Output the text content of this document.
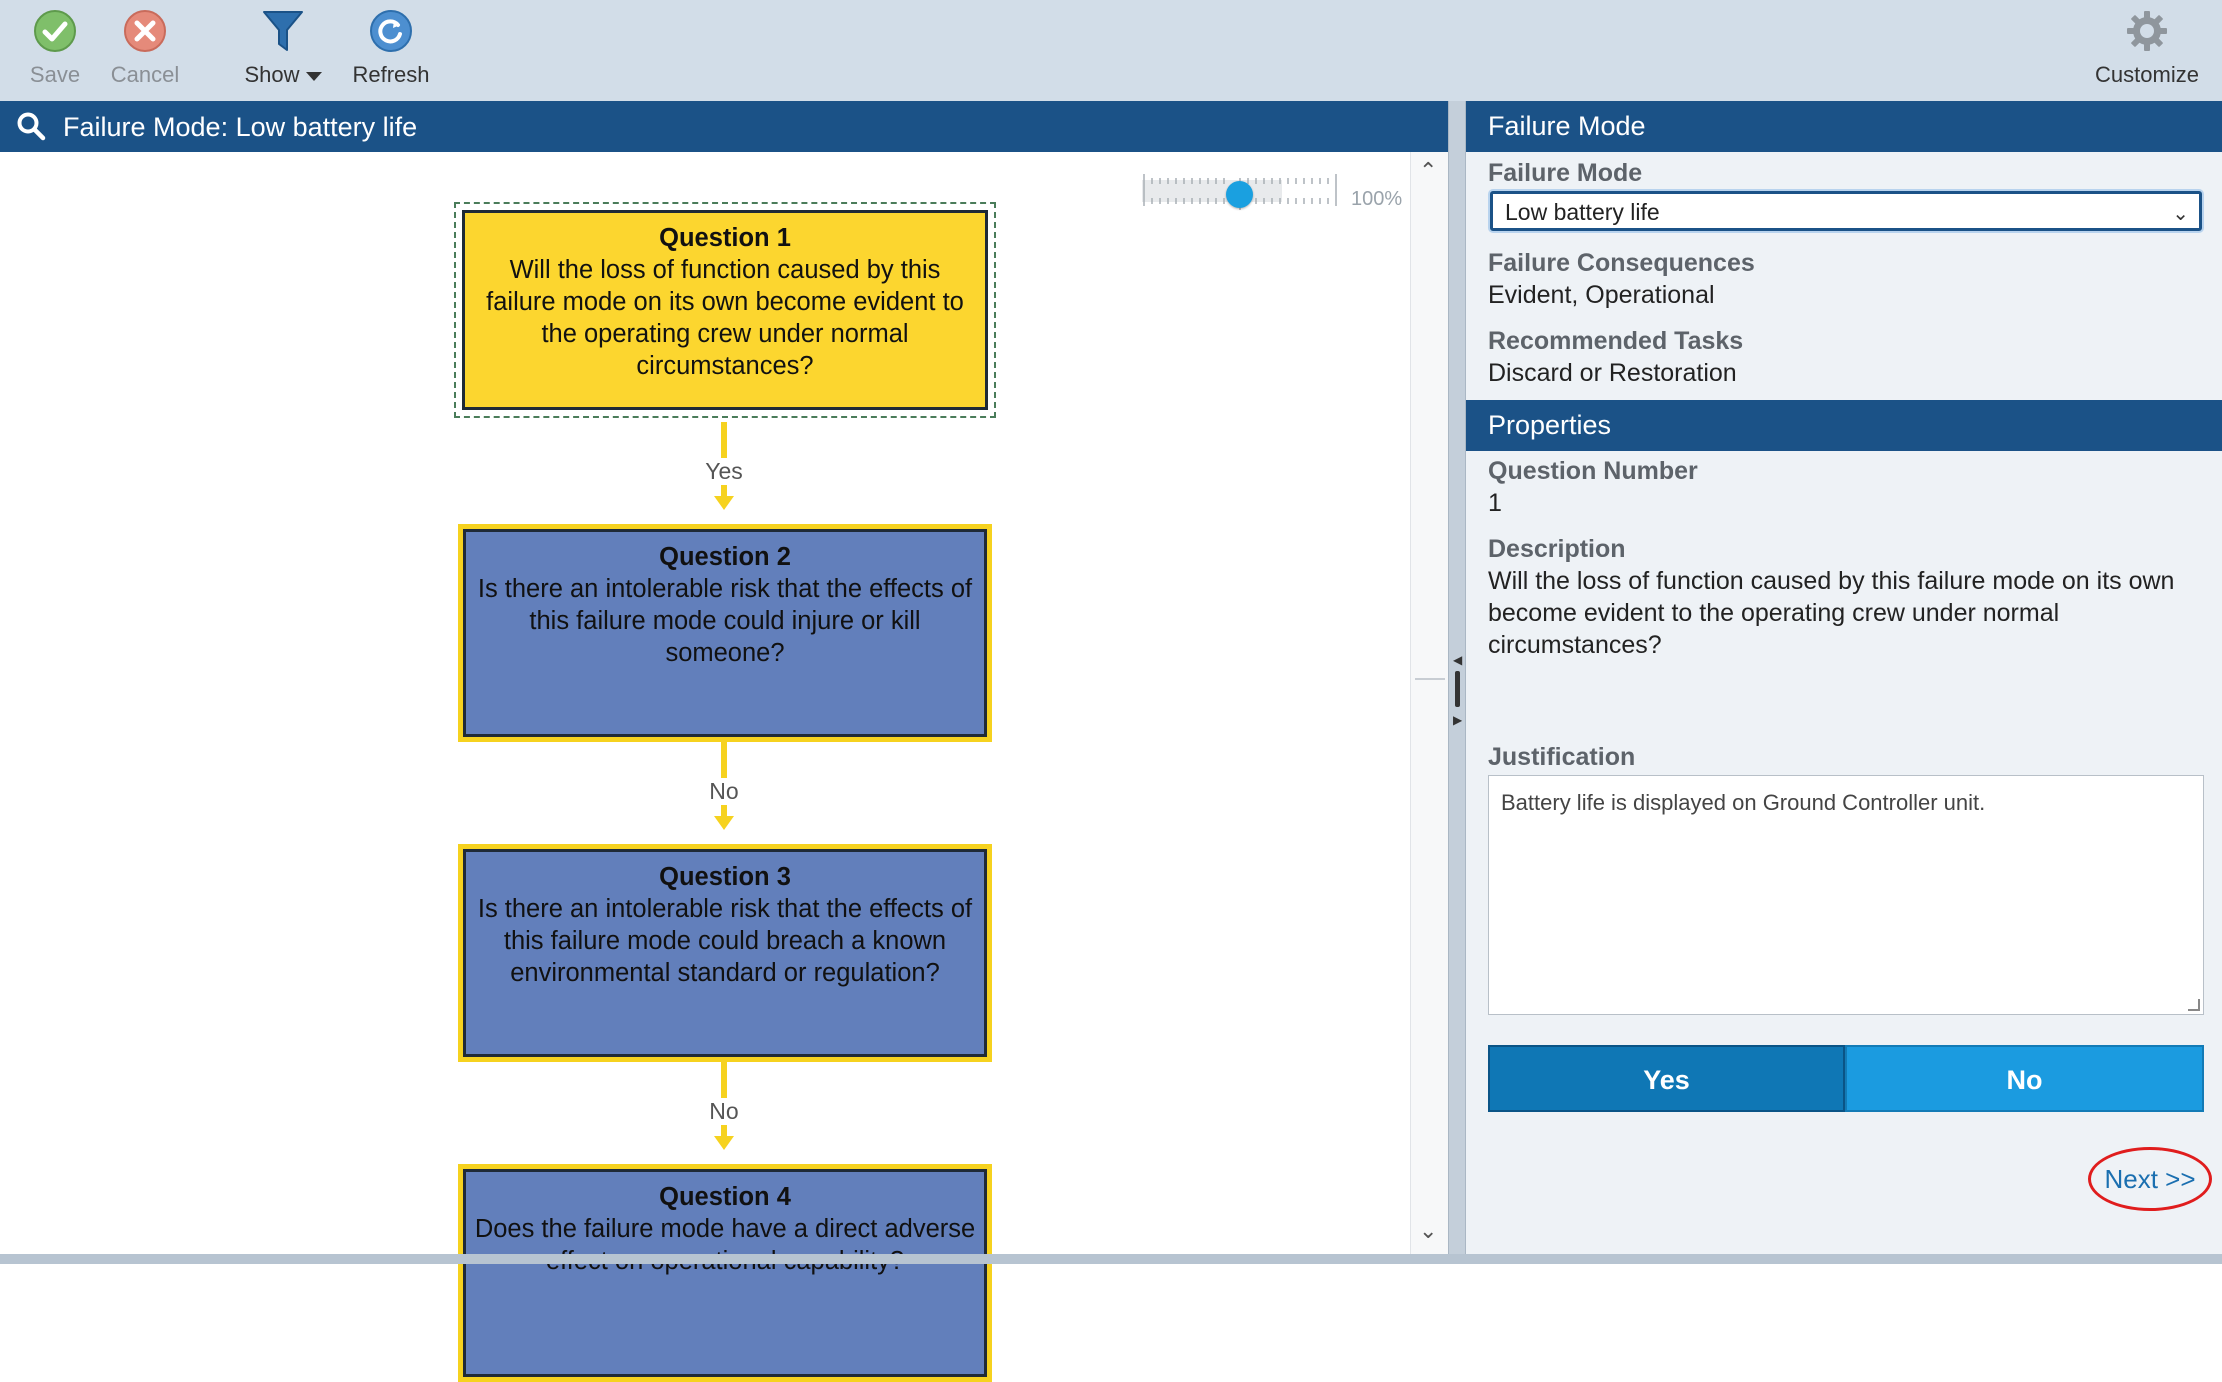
Save	Cancel	Show	Refresh	Customize
Failure Mode: Low battery life
100%
Question 1
Will the loss of function caused by this failure mode on its own become evident to the operating crew under normal circumstances?
Yes
Question 2
Is there an intolerable risk that the effects of this failure mode could injure or kill someone?
No
Question 3
Is there an intolerable risk that the effects of this failure mode could breach a known environmental standard or regulation?
No
Question 4
Does the failure mode have a direct adverse
⌃
⌄
◀
▶
Failure Mode
Failure Mode
Low battery life	⌄
Failure Consequences
Evident, Operational
Recommended Tasks
Discard or Restoration
Properties
Question Number
1
Description
Will the loss of function caused by this failure mode on its own become evident to the operating crew under normal circumstances?
Justification
Battery life is displayed on Ground Controller unit.
Yes	No
Next >>
